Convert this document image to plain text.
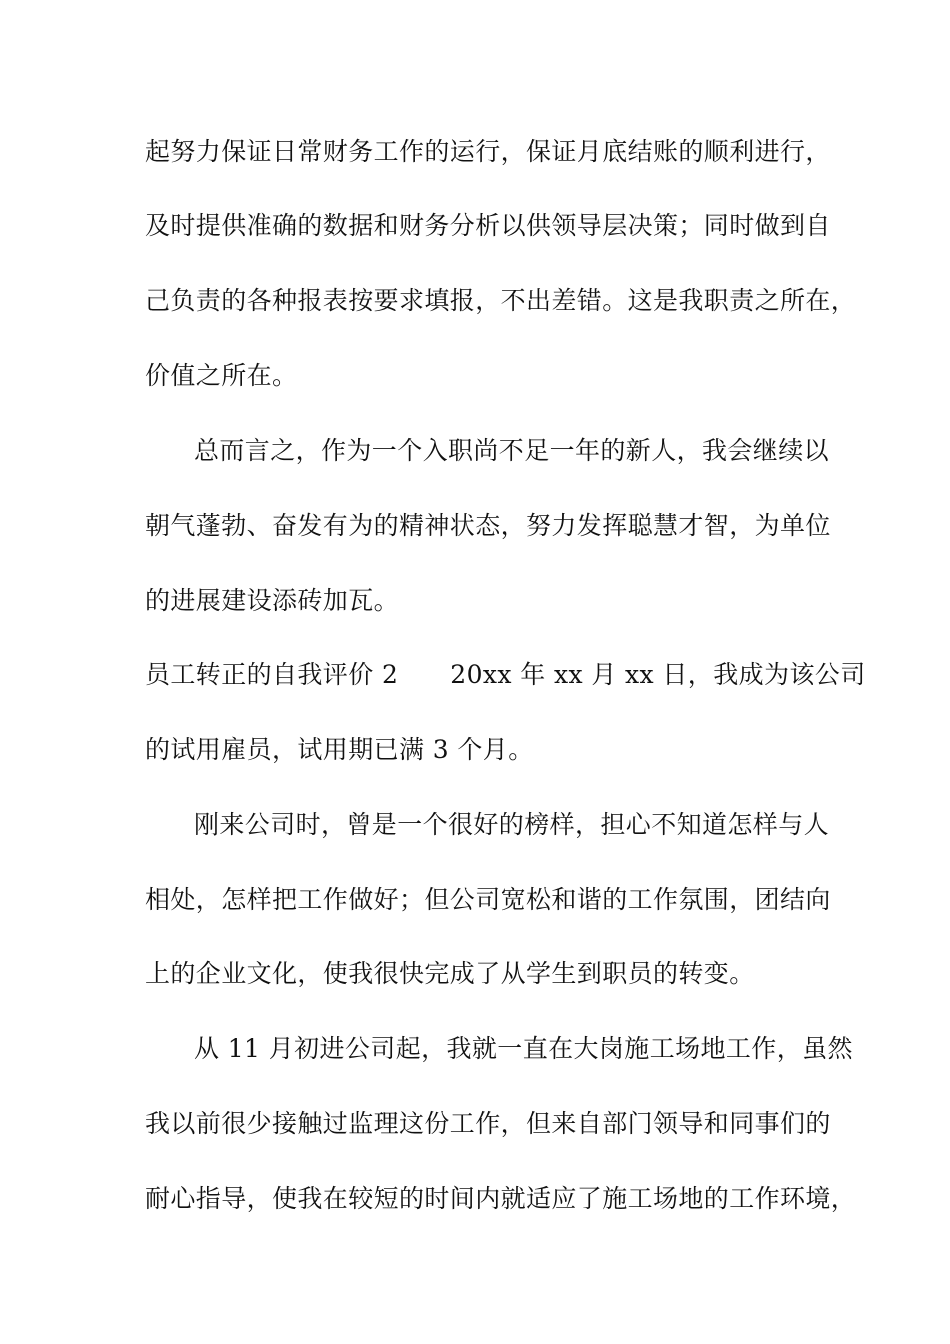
起努力保证日常财务工作的运行，保证月底结账的顺利进行，
及时提供准确的数据和财务分析以供领导层决策；同时做到自
己负责的各种报表按要求填报，不出差错。这是我职责之所在，
价值之所在。
总而言之，作为一个入职尚不足一年的新人，我会继续以
朝气蓬勃、奋发有为的精神状态，努力发挥聪慧才智，为单位
的进展建设添砖加瓦。
员工转正的自我评价 2 20xx 年 xx 月 xx 日，我成为该公司
的试用雇员，试用期已满 3 个月。
刚来公司时，曾是一个很好的榜样，担心不知道怎样与人
相处，怎样把工作做好；但公司宽松和谐的工作氛围，团结向
上的企业文化，使我很快完成了从学生到职员的转变。
从 11 月初进公司起，我就一直在大岗施工场地工作，虽然
我以前很少接触过监理这份工作，但来自部门领导和同事们的
耐心指导，使我在较短的时间内就适应了施工场地的工作环境，
